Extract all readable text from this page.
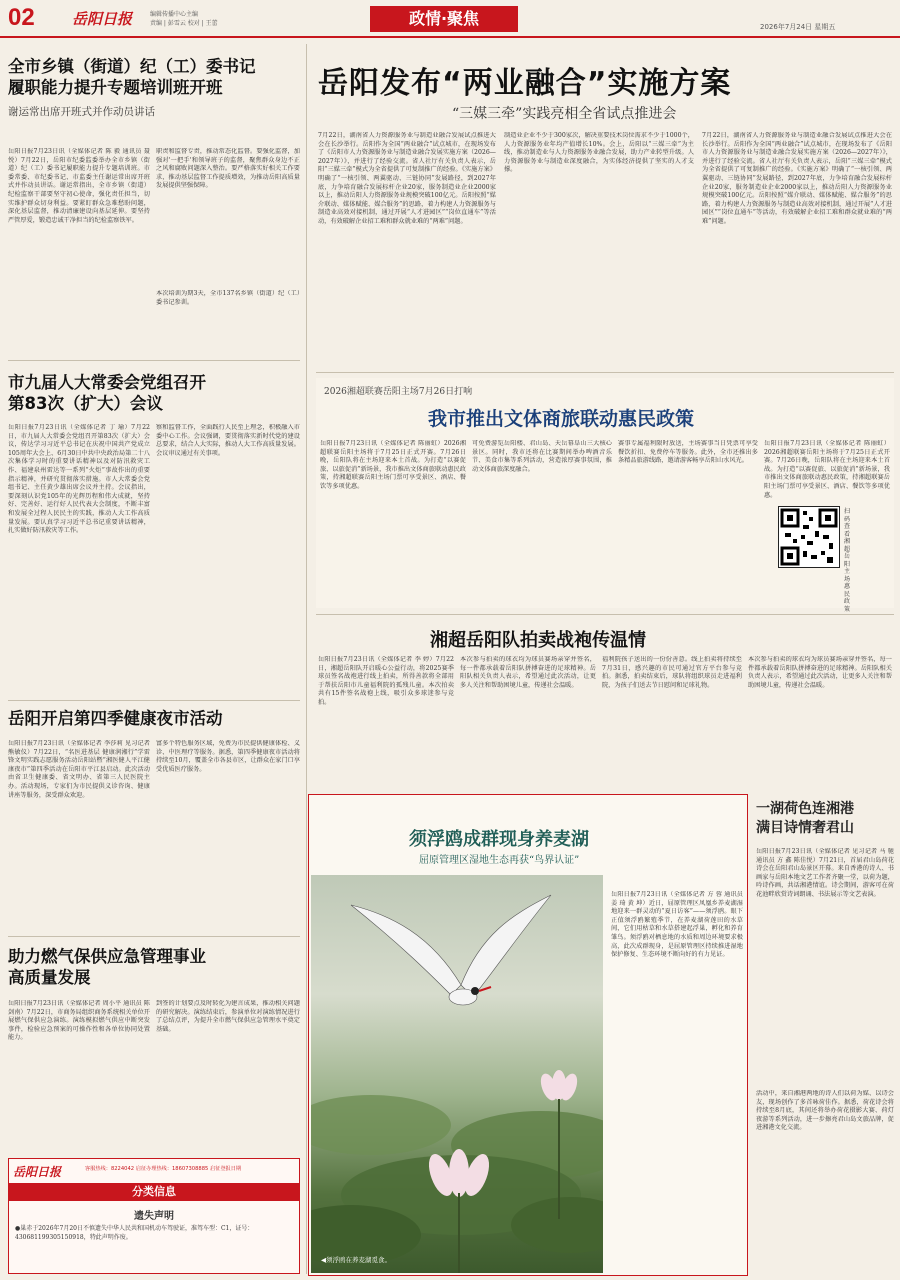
02 岳阳日报	编辑传播中心主编
责编 | 彭雪云 校对 | 王蕾	政情·聚焦	2026年7月24日 星期五
全市乡镇（街道）纪（工）委书记
履职能力提升专题培训班开班
谢运常出席开班式并作动员讲话
岳阳日报7月23日讯（全媒体记者 陈 毅 通讯员 聂 悦）7月22日，岳阳市纪委监委举办全市乡镇（街道）纪（工）委书记履职能力提升专题培训班。市委常委、市纪委书记、市监委主任谢运常出席开班式并作动员讲话。谢运常指出，全市乡镇（街道）纪检监察干部要坚守初心使命，强化责任担当，切实维护群众切身利益。要紧盯群众急难愁盼问题，深化基层监督，推动清廉建设向基层延伸。要坚持严管厚爱，锻造忠诚干净担当的纪检监察铁军。
职责和监督专责，推动常态化监督。要强化监督，加强对'一把手'和领导班子的监督，聚焦群众身边不正之风和腐败问题深入整治。要严格落实好相关工作要求，推动基层监督工作提质增效，为推动岳阳高质量发展提供坚强保障。
本次培训为期3天，全市137名乡镇（街道）纪（工）委书记参训。
市九届人大常委会党组召开
第83次（扩大）会议
岳阳日报7月23日讯（全媒体记者 丁 瑜）7月22日，市九届人大常委会党组召开第83次（扩大）会议，传达学习习近平总书记在庆祝中国共产党成立105周年大会上、6月30日中共中央政治局第二十八次集体学习时的重要讲话精神以及对防汛救灾工作、福建泉州雷达等一系列“火炬”事故作出的重要指示精神，并研究贯彻落实措施。市人大常委会党组书记、主任黄少雄出席会议并主持。会议指出，要深刻认识党105年的光辉历程和伟大成就，坚持好、完善好、运行好人民代表大会制度，不断丰富和发展全过程人民民主的实践，推动人大工作高质量发展。要认真学习习近平总书记重要讲话精神，扎实做好防汛救灾等工作。
察和监督工作，全面践行人民至上理念，积极融入市委中心工作。会议强调，要贯彻落实新时代党的建设总要求，结合人大实际，推动人大工作高质量发展。会议审议通过有关事项。
岳阳开启第四季健康夜市活动
岳阳日报7月23日讯（全媒体记者 李莎莉 见习记者 熊敏仪）7月22日，“名医进基层 健康润湘行”学雷锋文明实践志愿服务活动岳阳站暨“湘医健人平江健康夜市”第四季活动在岳阳市平江县启动。此次活动由省卫生健康委、省文明办、省第三人民医院主办。活动现场，专家们为市民提供义诊咨询、健康讲座等服务，深受群众欢迎。
富多个特色服务区域，免费为市民提供健康体检、义诊、中医理疗等服务。据悉，第四季健康夜市活动将持续至10月，覆盖全市各县市区，让群众在家门口享受优质医疗服务。
助力燃气保供应急管理事业
高质量发展
岳阳日报7月23日讯（全媒体记者 周小平 通讯员 陈剑南）7月22日，市商务局组织商务系统相关单位开展燃气保供应急演练。演练模拟燃气供应中断突发事件，检验应急预案的可操作性和各单位协同处置能力。
到签的计划要点及时转化为建言成果，推动相关问题的研究解决。演练结束后，参演单位对演练情况进行了总结点评，为提升全市燃气保供应急管理水平奠定基础。
岳阳日报	客服热线：8224042 启征办理热线：18607308885 启征登报日期
分类信息
遗失声明
●巢赤于2026年7月20日不慎遗失中华人民共和国机动车驾驶证，准驾车型：C1，证号：430681199305150918，特此声明作废。
岳阳发布“两业融合”实施方案
“三媒三牵”实践亮相全省试点推进会
7月22日，湖南省人力资源服务业与制造业融合发展试点推进大会在长沙举行。岳阳作为全国“两业融合”试点城市，在现场发布了《岳阳市人力资源服务业与制造业融合发展实施方案（2026—2027年）》，并进行了经验交流。省人社厅有关负责人表示，岳阳“三媒三牵”模式为全省提供了可复制推广的经验。《实施方案》明确了“一核引领、两翼驱动、三链协同”发展路径，到2027年底，力争培育融合发展标杆企业20家，服务制造业企业2000家以上，推动岳阳人力资源服务业规模突破100亿元。岳阳按照“媒介联动、媒体赋能、媒合服务”的思路，着力构建人力资源服务与制造业高效对接机制，通过开展“人才进园区”“岗位直通车”等活动，有效破解企业招工难和群众就业难的“两难”问题。
制造业企业不少于300家次，解决重要技术岗位需求不少于1000个，人力资源服务业年均产值增长10%。会上，岳阳以“三媒三牵”为主线，推动制造业与人力资源服务业融合发展，助力产业转型升级。人力资源服务业与制造业深度融合，为实体经济提供了坚实的人才支撑。
7月22日，湖南省人力资源服务业与制造业融合发展试点推进大会在长沙举行。岳阳作为全国“两业融合”试点城市，在现场发布了《岳阳市人力资源服务业与制造业融合发展实施方案（2026—2027年）》，并进行了经验交流。省人社厅有关负责人表示，岳阳“三媒三牵”模式为全省提供了可复制推广的经验。《实施方案》明确了“一核引领、两翼驱动、三链协同”发展路径，到2027年底，力争培育融合发展标杆企业20家，服务制造业企业2000家以上，推动岳阳人力资源服务业规模突破100亿元。岳阳按照“媒介联动、媒体赋能、媒合服务”的思路，着力构建人力资源服务与制造业高效对接机制，通过开展“人才进园区”“岗位直通车”等活动，有效破解企业招工难和群众就业难的“两难”问题。
2026湘超联赛岳阳主场7月26日打响
我市推出文体商旅联动惠民政策
岳阳日报7月23日讯（全媒体记者 陈丽虹）2026湘超联赛岳阳主场将于7月25日正式开赛。7月26日晚，岳阳队将在主场迎来本土首战。为打造“以赛促旅、以旅促消”新场景，我市推出文体商旅联动惠民政策，持湘超联赛岳阳主场门票可享受景区、酒店、餐饮等多项优惠。
可免费游览岳阳楼、君山岛、天岳幕阜山三大核心景区。同时，我市还将在比赛期间举办啤酒音乐节、美食市集等系列活动，营造浓厚赛事氛围，推动文体商旅深度融合。
赛事专属福利限时放送，主场赛事当日凭票可享受餐饮折扣、免费停车等服务。此外，全市还推出多条精品旅游线路，邀请游客畅享岳阳山水风光。
岳阳日报7月23日讯（全媒体记者 陈丽虹）2026湘超联赛岳阳主场将于7月25日正式开赛。7月26日晚，岳阳队将在主场迎来本土首战。为打造“以赛促旅、以旅促消”新场景，我市推出文体商旅联动惠民政策，持湘超联赛岳阳主场门票可享受景区、酒店、餐饮等多项优惠。
扫码查看湘超岳阳主场惠民政策
湘超岳阳队拍卖战袍传温情
岳阳日报7月23日讯（全媒体记者 李 婷）7月22日，湘超岳阳队开启暖心公益行动，将2025赛季球员签名战袍进行线上拍卖，所得善款将全部用于帮扶岳阳市儿童福利院的孤残儿童。本次拍卖共有15件签名战袍上线，吸引众多球迷参与竞拍。
本次参与拍卖的球衣均为球员赛场亲穿并签名，每一件都承载着岳阳队拼搏奋进的足球精神。岳阳队相关负责人表示，希望通过此次活动，让更多人关注和帮助困境儿童，传递社会温暖。
福利院孩子送出的一份份善意。线上拍卖将持续至7月31日，感兴趣的市民可通过官方平台参与竞拍。据悉，拍卖结束后，球队将组织球员走进福利院，为孩子们送去节日慰问和足球礼物。
本次参与拍卖的球衣均为球员赛场亲穿并签名，每一件都承载着岳阳队拼搏奋进的足球精神。岳阳队相关负责人表示，希望通过此次活动，让更多人关注和帮助困境儿童，传递社会温暖。
须浮鸥成群现身养麦湖
屈原管理区湿地生态再获“鸟界认证”
岳阳日报7月23日讯（全媒体记者 方 蓉 通讯员 姜 琦 黄 坤）近日，屈原管理区凤凰乡养麦湖湿地迎来一群灵动的“夏日访客”——须浮鸥。眼下正值须浮鸥繁殖季节，在养麦湖荷莲田的水草间，它们用枯草和水草搭建起浮巢，孵化和养育雏鸟。须浮鸥对栖息地的水质和周边环境要求极高，此次成群现身，是屈原管理区持续推进湿地保护修复、生态环境不断向好的有力见证。
◀须浮鸥在养麦湖觅食。
一湖荷色连湘港
满目诗情奢君山
岳阳日报7月23日讯（全媒体记者 见习记者 马 驰 通讯员 方 鑫 陈佳悦）7月21日，首届君山岛荷花诗会在岳阳君山岛景区开幕。来自香港的诗人、书画家与岳阳本地文艺工作者齐聚一堂，以荷为题，吟诗作画，共话湘港情谊。诗会期间，游客可在荷花池畔欣赏诗词朗诵、书法展示等文艺表演。
活动中，来自湘港两地的诗人们以荷为媒、以诗会友，现场创作了多首咏荷佳作。据悉，荷花诗会将持续至8月底，其间还将举办荷花摄影大赛、荷灯夜游等系列活动，进一步擦亮君山岛文旅品牌，促进湘港文化交流。
